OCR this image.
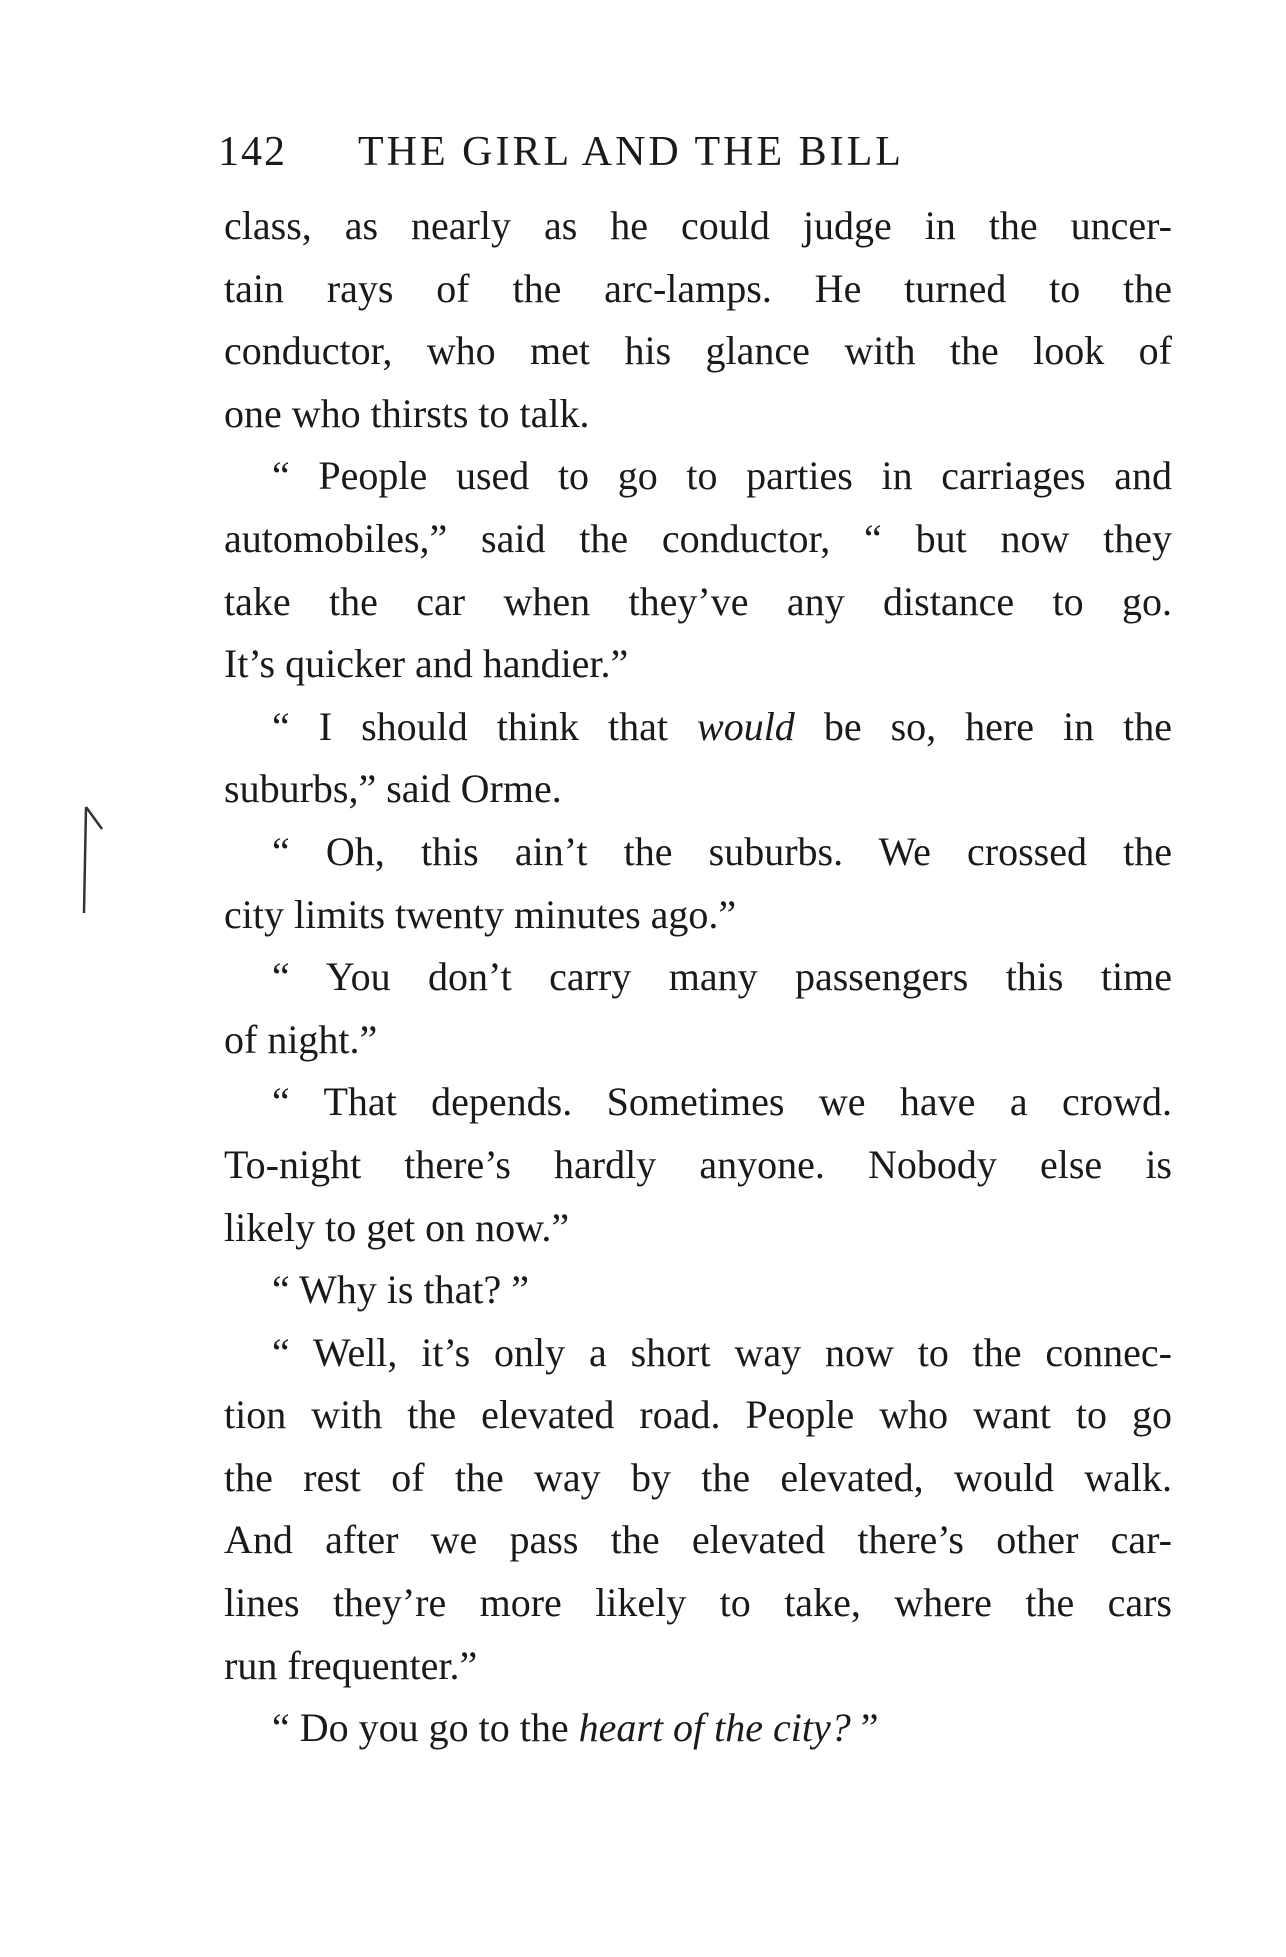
142 THE GIRL AND THE BILL
class, as nearly as he could judge in the uncer-
tain rays of the arc-lamps. He turned to the
conductor, who met his glance with the look of
one who thirsts to talk.
“ People used to go to parties in carriages and
automobiles,” said the conductor, “ but now they
take the car when they’ve any distance to go.
It’s quicker and handier.”
“ I should think that would be so, here in the
suburbs,” said Orme.
“ Oh, this ain’t the suburbs. We crossed the
city limits twenty minutes ago.”
“ You don’t carry many passengers this time
of night.”
“ That depends. Sometimes we have a crowd.
To-night there’s hardly anyone. Nobody else is
likely to get on now.”
“ Why is that? ”
“ Well, it’s only a short way now to the connec-
tion with the elevated road. People who want to go
the rest of the way by the elevated, would walk.
And after we pass the elevated there’s other car-
lines they’re more likely to take, where the cars
run frequenter.”
“ Do you go to the heart of the city? ”
